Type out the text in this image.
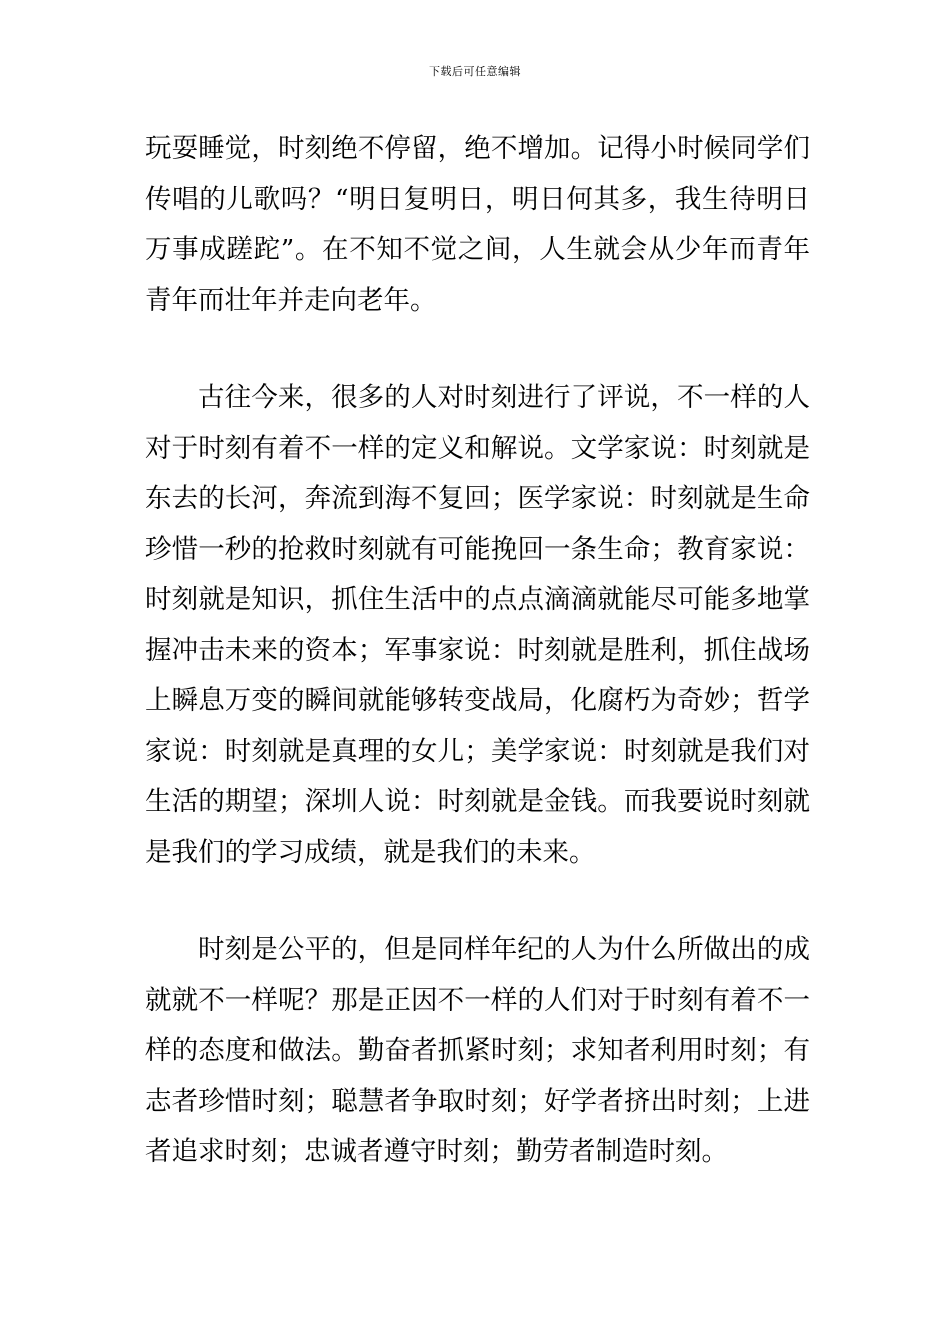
下载后可任意编辑

玩耍睡觉，时刻绝不停留，绝不增加。记得小时候同学们传唱的儿歌吗？“明日复明日，明日何其多，我生待明日万事成蹉跎”。在不知不觉之间，人生就会从少年而青年青年而壮年并走向老年。

古往今来，很多的人对时刻进行了评说，不一样的人对于时刻有着不一样的定义和解说。文学家说：时刻就是东去的长河，奔流到海不复回；医学家说：时刻就是生命珍惜一秒的抢救时刻就有可能挽回一条生命；教育家说：时刻就是知识，抓住生活中的点点滴滴就能尽可能多地掌握冲击未来的资本；军事家说：时刻就是胜利，抓住战场上瞬息万变的瞬间就能够转变战局，化腐朽为奇妙；哲学家说：时刻就是真理的女儿；美学家说：时刻就是我们对生活的期望；深圳人说：时刻就是金钱。而我要说时刻就是我们的学习成绩，就是我们的未来。

时刻是公平的，但是同样年纪的人为什么所做出的成就就不一样呢？那是正因不一样的人们对于时刻有着不一样的态度和做法。勤奋者抓紧时刻；求知者利用时刻；有志者珍惜时刻；聪慧者争取时刻；好学者挤出时刻；上进者追求时刻；忠诚者遵守时刻；勤劳者制造时刻。
